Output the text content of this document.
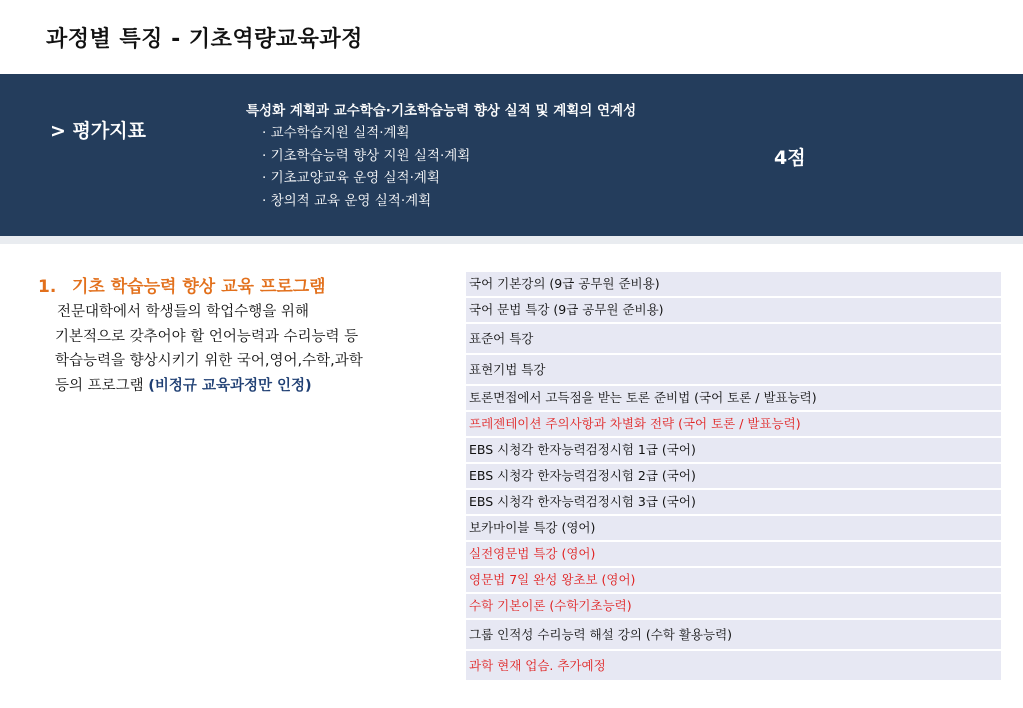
과정별 특징 - 기초역량교육과정
> 평가지표
특성화 계획과 교수학습·기초학습능력 향상 실적 및 계획의 연계성
· 교수학습지원 실적·계획
· 기초학습능력 향상 지원 실적·계획
· 기초교양교육 운영 실적·계획
· 창의적 교육 운영 실적·계획
4점
1. 기초 학습능력 향상 교육 프로그램
전문대학에서 학생들의 학업수행을 위해
기본적으로 갖추어야 할 언어능력과 수리능력 등
학습능력을 향상시키기 위한 국어,영어,수학,과학
등의 프로그램 (비정규 교육과정만 인정)
국어 기본강의 (9급 공무원 준비용)
국어 문법 특강 (9급 공무원 준비용)
표준어 특강
표현기법 특강
토론면접에서 고득점을 받는 토론 준비법 (국어 토론 / 발표능력)
프레젠테이션 주의사항과 차별화 전략 (국어 토론 / 발표능력)
EBS 시청각 한자능력검정시험 1급 (국어)
EBS 시청각 한자능력검정시험 2급 (국어)
EBS 시청각 한자능력검정시험 3급 (국어)
보카마이블 특강 (영어)
실전영문법 특강 (영어)
영문법 7일 완성 왕초보 (영어)
수학 기본이론 (수학기초능력)
그룹 인적성 수리능력 해설 강의 (수학 활용능력)
과학 현재 업슴. 추가예정
